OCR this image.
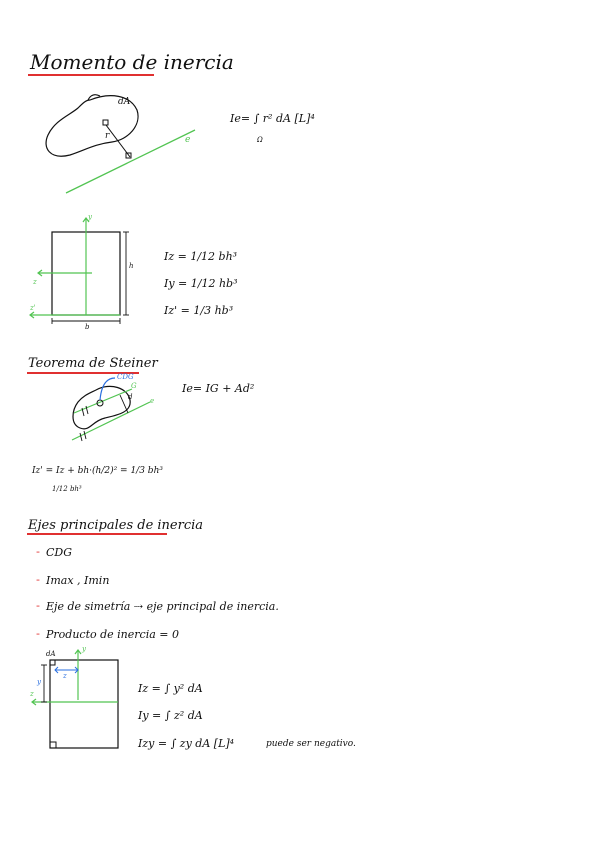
Momento de inercia
dA
r	e
Ie= ∫ r² dA [L]⁴
Ω
y
z
z'
h
b
Iz = 1/12 bh³
Iy = 1/12 hb³
Iz' = 1/3 hb³
Teorema de Steiner
CDG
G
d	e
Ie= IG + Ad²
Iz' = Iz + bh·(h/2)² = 1/3 bh³
1/12 bh³
Ejes principales de inercia
- CDG
- Imax , Imin
- Eje de simetría ⇢ eje principal de inercia.
- Producto de inercia = 0
dA
y
z
y
z	Iz = ∫ y² dA
Iy = ∫ z² dA
Izy = ∫ zy dA [L]⁴	puede ser negativo.
